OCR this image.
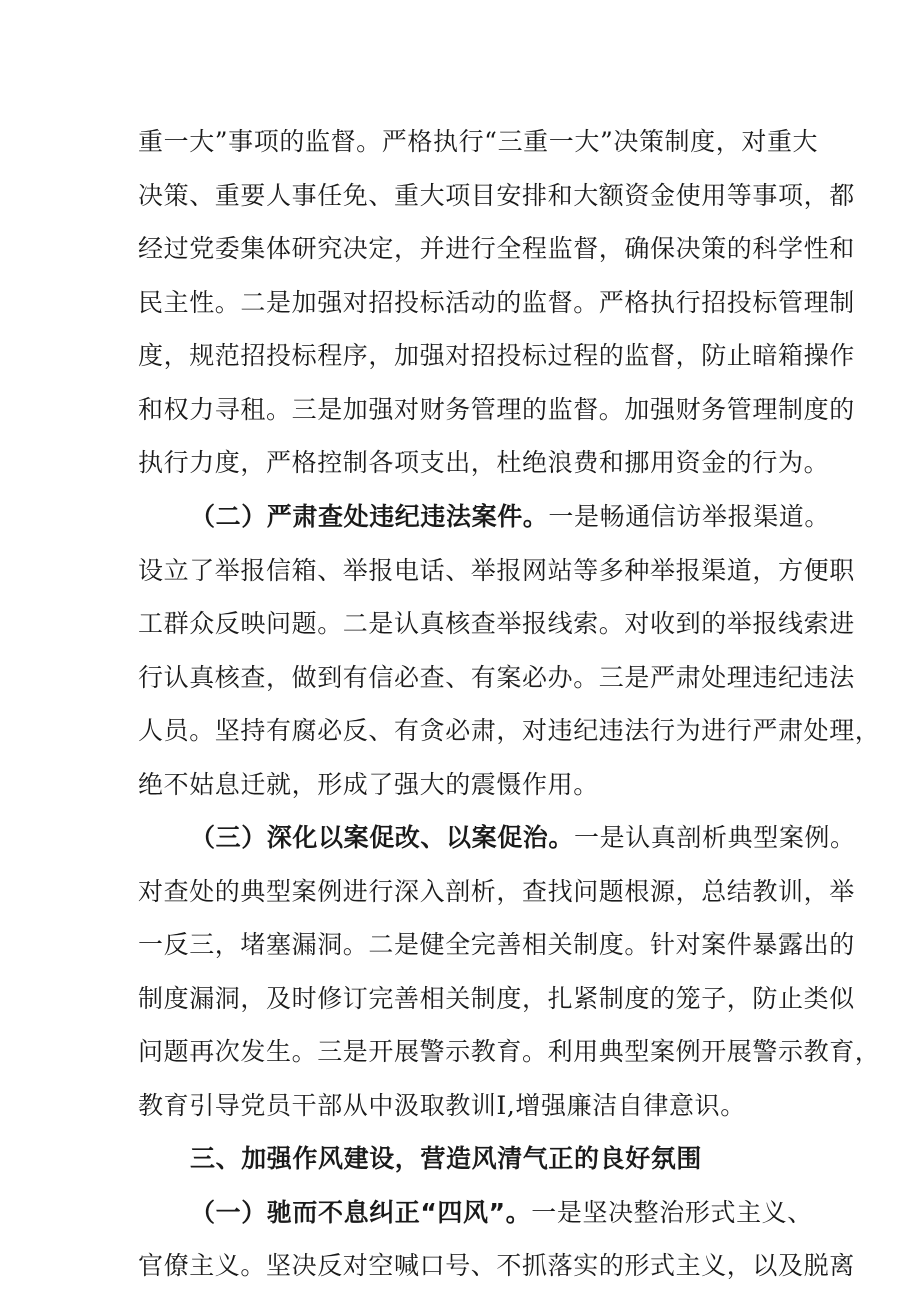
重一大”事项的监督。严格执行“三重一大”决策制度，对重大
决策、重要人事任免、重大项目安排和大额资金使用等事项，都
经过党委集体研究决定，并进行全程监督，确保决策的科学性和
民主性。二是加强对招投标活动的监督。严格执行招投标管理制
度，规范招投标程序，加强对招投标过程的监督，防止暗箱操作
和权力寻租。三是加强对财务管理的监督。加强财务管理制度的
执行力度，严格控制各项支出，杜绝浪费和挪用资金的行为。
（二）严肃查处违纪违法案件。一是畅通信访举报渠道。
设立了举报信箱、举报电话、举报网站等多种举报渠道，方便职
工群众反映问题。二是认真核查举报线索。对收到的举报线索进
行认真核查，做到有信必查、有案必办。三是严肃处理违纪违法
人员。坚持有腐必反、有贪必肃，对违纪违法行为进行严肃处理，
绝不姑息迁就，形成了强大的震慑作用。
（三）深化以案促改、以案促治。一是认真剖析典型案例。
对查处的典型案例进行深入剖析，查找问题根源，总结教训，举
一反三，堵塞漏洞。二是健全完善相关制度。针对案件暴露出的
制度漏洞，及时修订完善相关制度，扎紧制度的笼子，防止类似
问题再次发生。三是开展警示教育。利用典型案例开展警示教育，
教育引导党员干部从中汲取教训I,增强廉洁自律意识。
三、加强作风建设，营造风清气正的良好氛围
（一）驰而不息纠正“四风”。一是坚决整治形式主义、
官僚主义。坚决反对空喊口号、不抓落实的形式主义，以及脱离
